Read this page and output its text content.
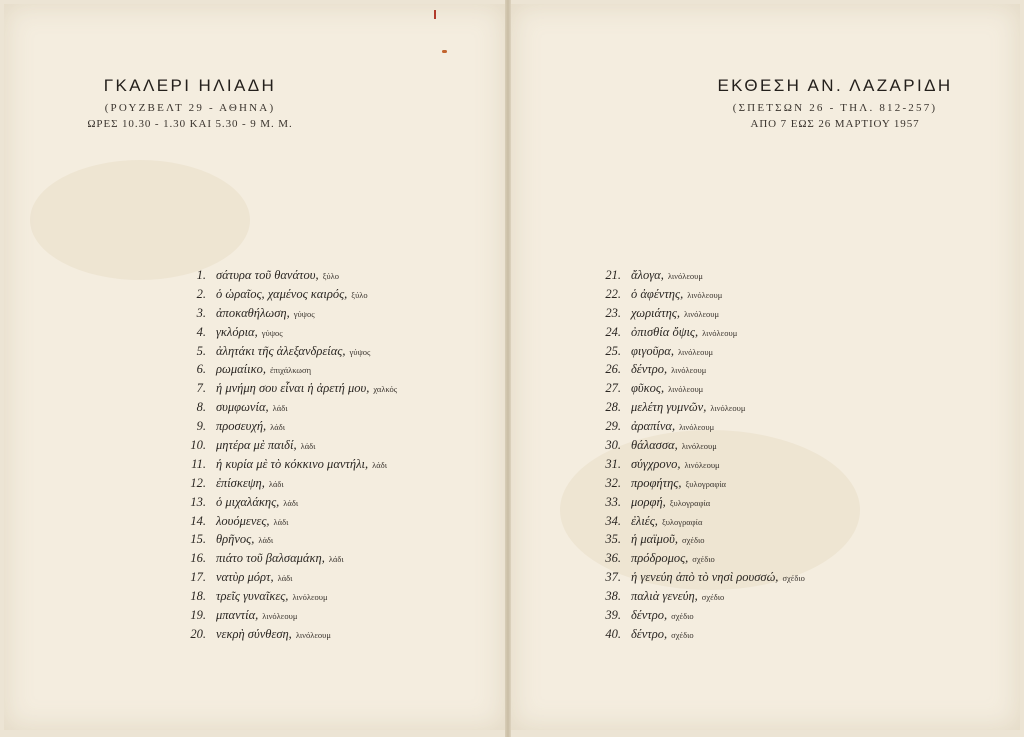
ΓΚΑΛΕΡΙ ΗΛΙΑΔΗ
(ΡΟΥΖΒΕΛΤ 29 - ΑΘΗΝΑ)
ΩΡΕΣ 10.30 - 1.30 ΚΑΙ 5.30 - 9 Μ. Μ.
ΕΚΘΕΣΗ ΑΝ. ΛΑΖΑΡΙΔΗ
(ΣΠΕΤΣΩΝ 26 - ΤΗΛ. 812-257)
ΑΠΟ 7 ΕΩΣ 26 ΜΑΡΤΙΟΥ 1957
1. σάτυρα τοῦ θανάτου, ξύλο
2. ὁ ὡραῖος, χαμένος καιρός, ξύλο
3. ἀποκαθήλωση, γύψος
4. γκλόρια, γύψος
5. ἀλητάκι τῆς ἀλεξανδρείας, γύψος
6. ρωμαίικο, ἐπιχάλκωση
7. ἡ μνήμη σου εἶναι ἡ ἀρετή μου, χαλκός
8. συμφωνία, λάδι
9. προσευχή, λάδι
10. μητέρα μὲ παιδί, λάδι
11. ἡ κυρία μὲ τὸ κόκκινο μαντήλι, λάδι
12. ἐπίσκεψη, λάδι
13. ὁ μιχαλάκης, λάδι
14. λουόμενες, λάδι
15. θρῆνος, λάδι
16. πιάτο τοῦ βαλσαμάκη, λάδι
17. νατὺρ μόρτ, λάδι
18. τρεῖς γυναῖκες, λινόλεουμ
19. μπαντία, λινόλεουμ
20. νεκρὴ σύνθεση, λινόλεουμ
21. ἄλογα, λινόλεουμ
22. ὁ ἀφέντης, λινόλεουμ
23. χωριάτης, λινόλεουμ
24. ὀπισθία ὄψις, λινόλεουμ
25. φιγοῦρα, λινόλεουμ
26. δέντρο, λινόλεουμ
27. φῦκος, λινόλεουμ
28. μελέτη γυμνῶν, λινόλεουμ
29. ἀραπίνα, λινόλεουμ
30. θάλασσα, λινόλεουμ
31. σύγχρονο, λινόλεουμ
32. προφήτης, ξυλογραφία
33. μορφή, ξυλογραφία
34. ἐλιές, ξυλογραφία
35. ἡ μαϊμοῦ, σχέδιο
36. πρόδρομος, σχέδιο
37. ἡ γενεύη ἀπὸ τὸ νησὶ ρουσσώ, σχέδιο
38. παλιὰ γενεύη, σχέδιο
39. δέντρο, σχέδιο
40. δέντρο, σχέδιο
